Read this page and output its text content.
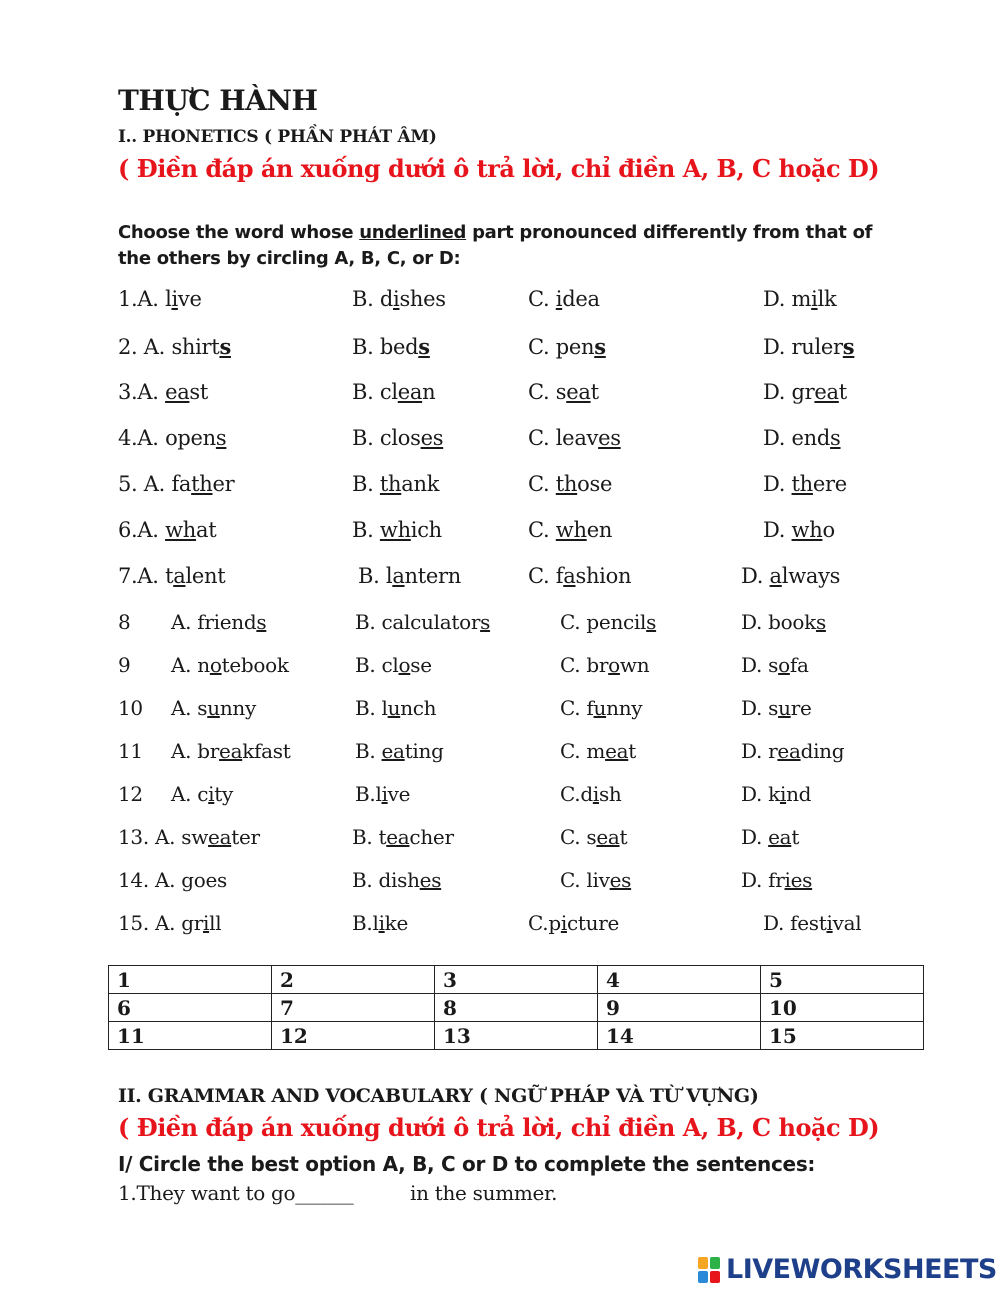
THỰC HÀNH
I.. PHONETICS ( PHẦN PHÁT ÂM)
( Điền đáp án xuống dưới ô trả lời, chỉ điền A, B, C hoặc D)
Choose the word whose underlined part pronounced differently from that of the others by circling A, B, C, or D:
1.A. live	B. dishes	C. idea	D. milk
2. A. shirts	B. beds	C. pens	D. rulers
3.A. east	B. clean	C. seat	D. great
4.A. opens	B. closes	C. leaves	D. ends
5. A. father	B. thank	C. those	D. there
6.A. what	B. which	C. when	D. who
7.A. talent	B. lantern	C. fashion	D. always
8 A. friends	B. calculators	C. pencils	D. books
9 A. notebook	B. close	C. brown	D. sofa
10 A. sunny	B. lunch	C. funny	D. sure
11 A. breakfast	B. eating	C. meat	D. reading
12 A. city	B.live	C.dish	D. kind
13. A. sweater	B. teacher	C. seat	D. eat
14. A. goes	B. dishes	C. lives	D. fries
15. A. grill	B.like	C.picture	D. festival
1	2	3	4	5
6	7	8	9	10
11	12	13	14	15
II. GRAMMAR AND VOCABULARY ( NGỮ PHÁP VÀ TỪ VỰNG)
( Điền đáp án xuống dưới ô trả lời, chỉ điền A, B, C hoặc D)
I/ Circle the best option A, B, C or D to complete the sentences:
1.They want to go______	in the summer.
LIVEWORKSHEETS
